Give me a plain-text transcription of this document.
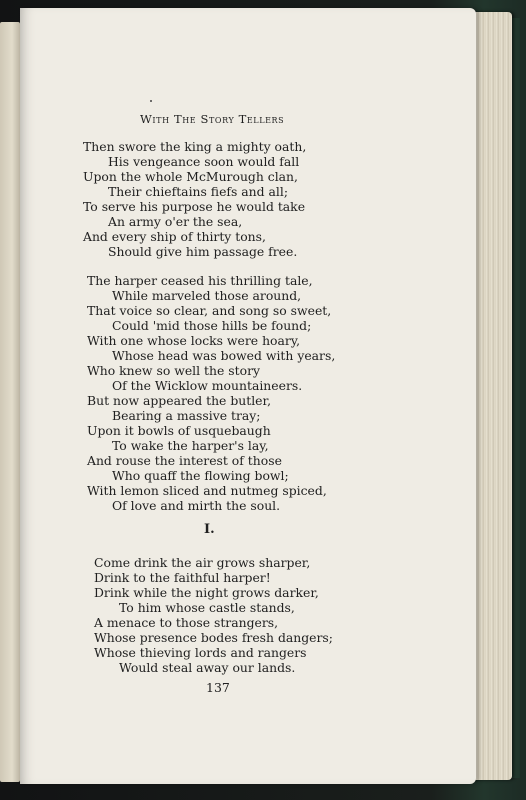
With The Story Tellers
Then swore the king a mighty oath,
His vengeance soon would fall
Upon the whole McMurough clan,
Their chieftains fiefs and all;
To serve his purpose he would take
An army o'er the sea,
And every ship of thirty tons,
Should give him passage free.
The harper ceased his thrilling tale,
While marveled those around,
That voice so clear, and song so sweet,
Could 'mid those hills be found;
With one whose locks were hoary,
Whose head was bowed with years,
Who knew so well the story
Of the Wicklow mountaineers.
But now appeared the butler,
Bearing a massive tray;
Upon it bowls of usquebaugh
To wake the harper's lay,
And rouse the interest of those
Who quaff the flowing bowl;
With lemon sliced and nutmeg spiced,
Of love and mirth the soul.
I.
Come drink the air grows sharper,
Drink to the faithful harper!
Drink while the night grows darker,
To him whose castle stands,
A menace to those strangers,
Whose presence bodes fresh dangers;
Whose thieving lords and rangers
Would steal away our lands.
137
